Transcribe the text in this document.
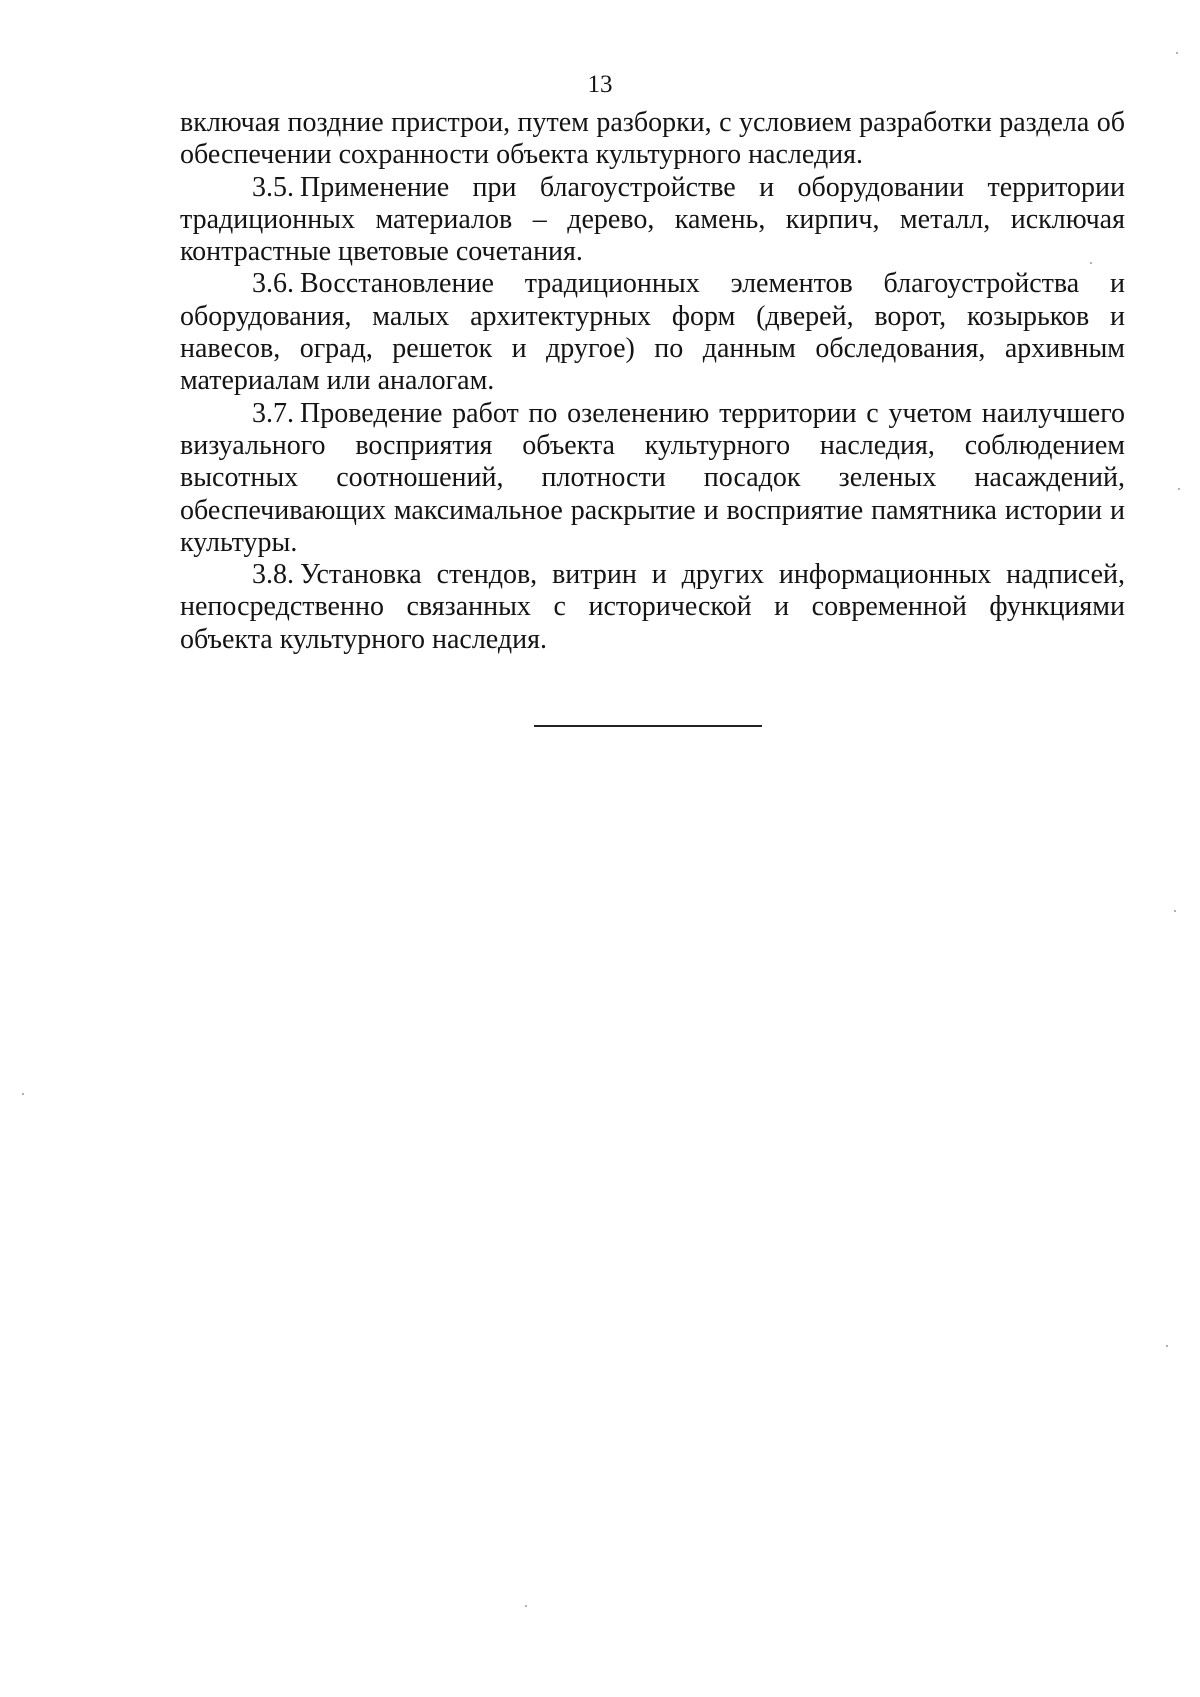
13

включая поздние пристрои, путем разборки, с условием разработки раздела об обеспечении сохранности объекта культурного наследия.

3.5. Применение при благоустройстве и оборудовании территории традиционных материалов – дерево, камень, кирпич, металл, исключая контрастные цветовые сочетания.

3.6. Восстановление традиционных элементов благоустройства и оборудования, малых архитектурных форм (дверей, ворот, козырьков и навесов, оград, решеток и другое) по данным обследования, архивным материалам или аналогам.

3.7. Проведение работ по озеленению территории с учетом наилучшего визуального восприятия объекта культурного наследия, соблюдением высотных соотношений, плотности посадок зеленых насаждений, обеспечивающих максимальное раскрытие и восприятие памятника истории и культуры.

3.8. Установка стендов, витрин и других информационных надписей, непосредственно связанных с исторической и современной функциями объекта культурного наследия.
